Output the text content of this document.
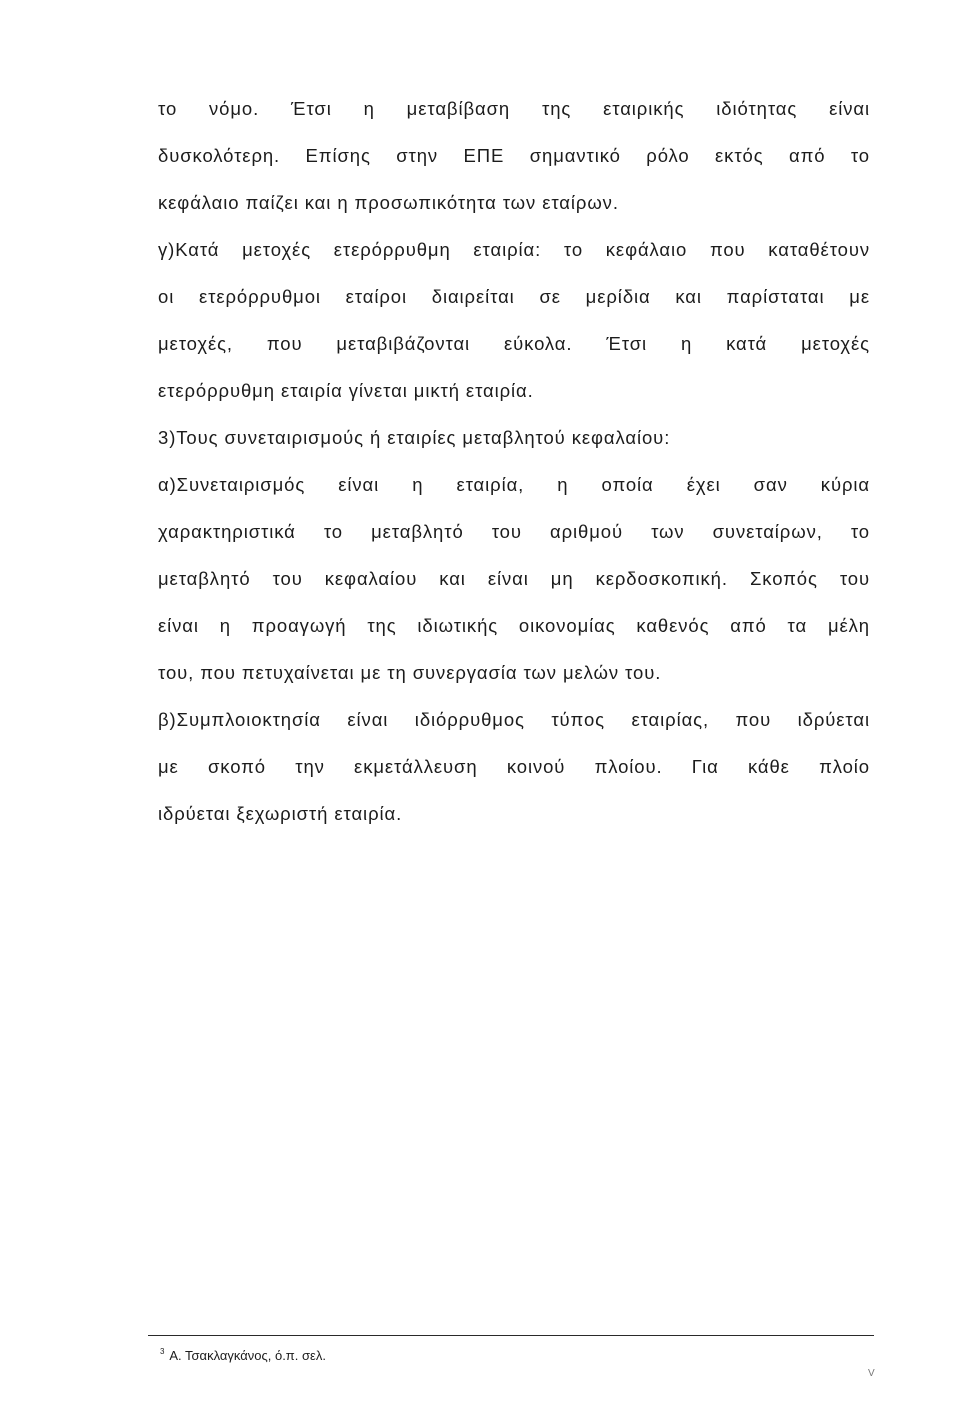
το νόμο. Έτσι η μεταβίβαση της εταιρικής ιδιότητας είναι
δυσκολότερη. Επίσης στην ΕΠΕ σημαντικό ρόλο εκτός από το
κεφάλαιο παίζει και η προσωπικότητα των εταίρων.
γ)Κατά μετοχές ετερόρρυθμη εταιρία: το κεφάλαιο που καταθέτουν
οι ετερόρρυθμοι εταίροι διαιρείται σε μερίδια και παρίσταται με
μετοχές, που μεταβιβάζονται εύκολα. Έτσι η κατά μετοχές
ετερόρρυθμη εταιρία γίνεται μικτή εταιρία.
3)Τους συνεταιρισμούς ή εταιρίες μεταβλητού κεφαλαίου:
α)Συνεταιρισμός είναι η εταιρία, η οποία έχει σαν κύρια
χαρακτηριστικά το μεταβλητό του αριθμού των συνεταίρων, το
μεταβλητό του κεφαλαίου και είναι μη κερδοσκοπική. Σκοπός του
είναι η προαγωγή της ιδιωτικής οικονομίας καθενός από τα μέλη
του, που πετυχαίνεται με τη συνεργασία των μελών του.
β)Συμπλοιοκτησία είναι ιδιόρρυθμος τύπος εταιρίας, που ιδρύεται
με σκοπό την εκμετάλλευση κοινού πλοίου. Για κάθε πλοίο
ιδρύεται ξεχωριστή εταιρία.
$^3$ Α. Τσακλαγκάνος, ό.π. σελ.
V
